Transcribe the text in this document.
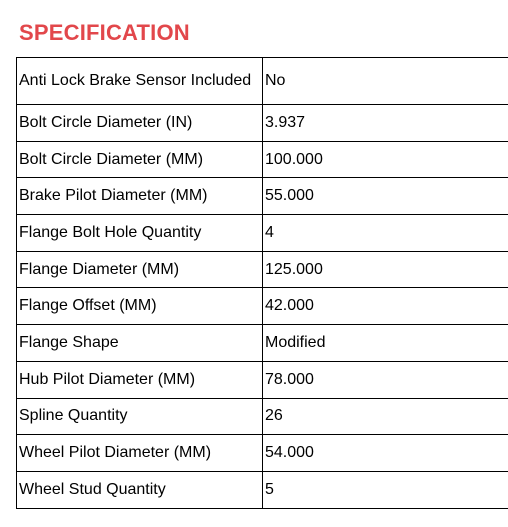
SPECIFICATION
Anti Lock Brake Sensor Included	No
Bolt Circle Diameter (IN)	3.937
Bolt Circle Diameter (MM)	100.000
Brake Pilot Diameter (MM)	55.000
Flange Bolt Hole Quantity	4
Flange Diameter (MM)	125.000
Flange Offset (MM)	42.000
Flange Shape	Modified
Hub Pilot Diameter (MM)	78.000
Spline Quantity	26
Wheel Pilot Diameter (MM)	54.000
Wheel Stud Quantity	5
